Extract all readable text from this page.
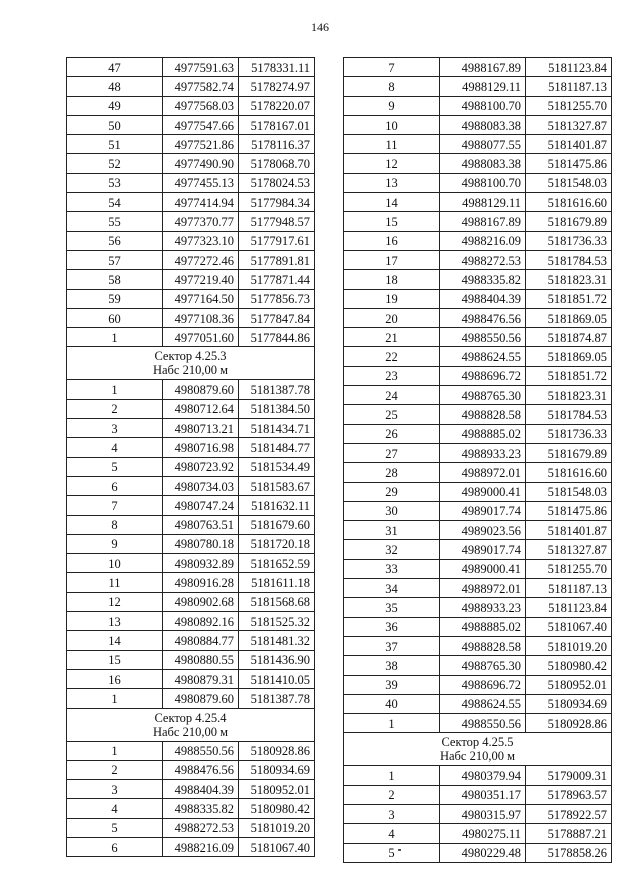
146
47	4977591.63	5178331.11
48	4977582.74	5178274.97
49	4977568.03	5178220.07
50	4977547.66	5178167.01
51	4977521.86	5178116.37
52	4977490.90	5178068.70
53	4977455.13	5178024.53
54	4977414.94	5177984.34
55	4977370.77	5177948.57
56	4977323.10	5177917.61
57	4977272.46	5177891.81
58	4977219.40	5177871.44
59	4977164.50	5177856.73
60	4977108.36	5177847.84
1	4977051.60	5177844.86

Сектор 4.25.3
Набс 210,00 м		

1	4980879.60	5181387.78
2	4980712.64	5181384.50
3	4980713.21	5181434.71
4	4980716.98	5181484.77
5	4980723.92	5181534.49
6	4980734.03	5181583.67
7	4980747.24	5181632.11
8	4980763.51	5181679.60
9	4980780.18	5181720.18
10	4980932.89	5181652.59
11	4980916.28	5181611.18
12	4980902.68	5181568.68
13	4980892.16	5181525.32
14	4980884.77	5181481.32
15	4980880.55	5181436.90
16	4980879.31	5181410.05
1	4980879.60	5181387.78

Сектор 4.25.4
Набс 210,00 м		

1	4988550.56	5180928.86
2	4988476.56	5180934.69
3	4988404.39	5180952.01
4	4988335.82	5180980.42
5	4988272.53	5181019.20
6	4988216.09	5181067.40
7	4988167.89	5181123.84
8	4988129.11	5181187.13
9	4988100.70	5181255.70
10	4988083.38	5181327.87
11	4988077.55	5181401.87
12	4988083.38	5181475.86
13	4988100.70	5181548.03
14	4988129.11	5181616.60
15	4988167.89	5181679.89
16	4988216.09	5181736.33
17	4988272.53	5181784.53
18	4988335.82	5181823.31
19	4988404.39	5181851.72
20	4988476.56	5181869.05
21	4988550.56	5181874.87
22	4988624.55	5181869.05
23	4988696.72	5181851.72
24	4988765.30	5181823.31
25	4988828.58	5181784.53
26	4988885.02	5181736.33
27	4988933.23	5181679.89
28	4988972.01	5181616.60
29	4989000.41	5181548.03
30	4989017.74	5181475.86
31	4989023.56	5181401.87
32	4989017.74	5181327.87
33	4989000.41	5181255.70
34	4988972.01	5181187.13
35	4988933.23	5181123.84
36	4988885.02	5181067.40
37	4988828.58	5181019.20
38	4988765.30	5180980.42
39	4988696.72	5180952.01
40	4988624.55	5180934.69
1	4988550.56	5180928.86

Сектор 4.25.5
Набс 210,00 м		

1	4980379.94	5179009.31
2	4980351.17	5178963.57
3	4980315.97	5178922.57
4	4980275.11	5178887.21
5	4980229.48	5178858.26
